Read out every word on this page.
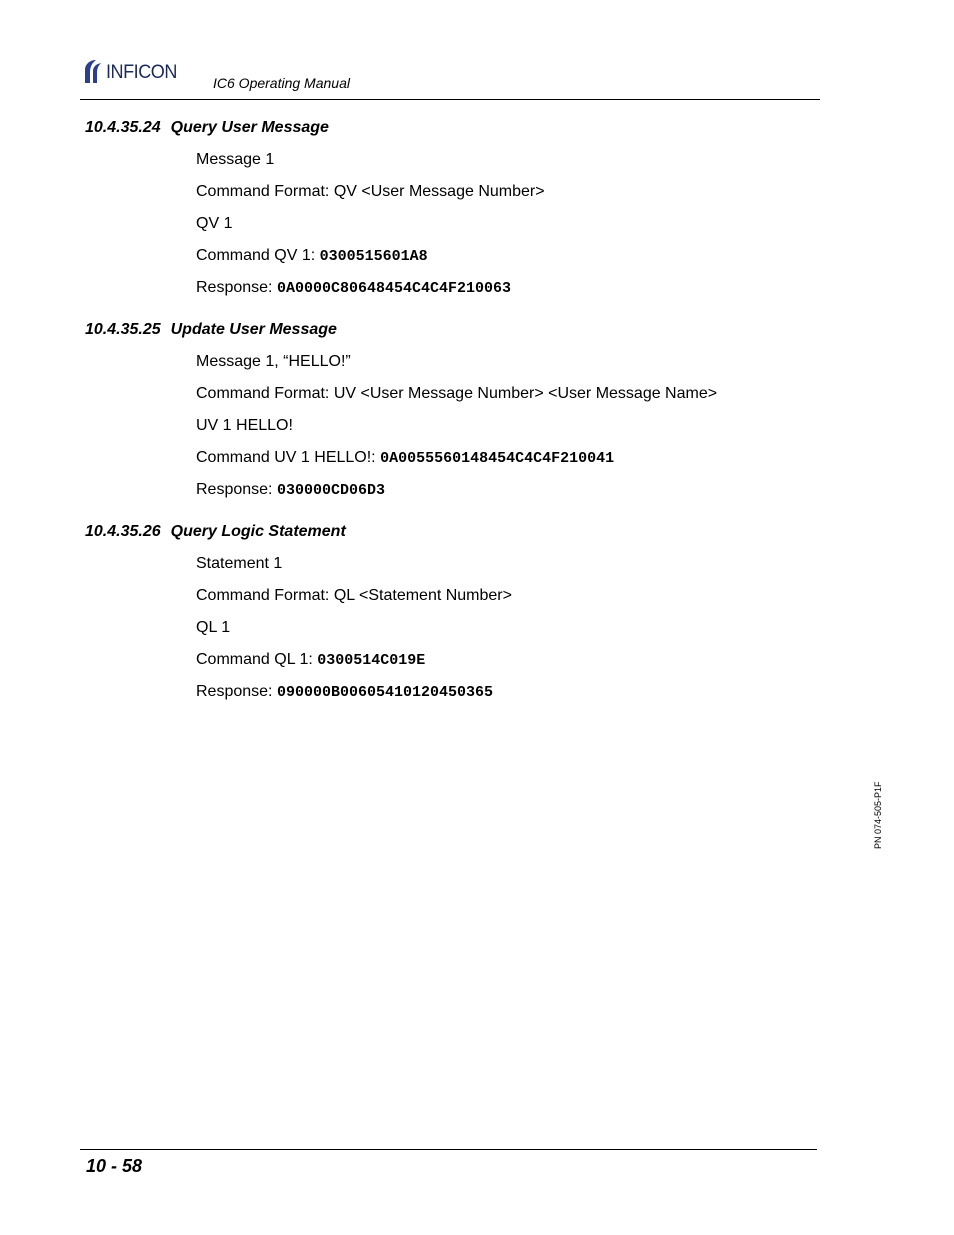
INFICON	IC6 Operating Manual
10.4.35.24 Query User Message
Message 1
Command Format: QV <User Message Number>
QV 1
Command QV 1: 0300515601A8
Response: 0A0000C80648454C4C4F210063
10.4.35.25 Update User Message
Message 1, “HELLO!”
Command Format: UV <User Message Number> <User Message Name>
UV 1 HELLO!
Command UV 1 HELLO!: 0A0055560148454C4C4F210041
Response: 030000CD06D3
10.4.35.26 Query Logic Statement
Statement 1
Command Format: QL <Statement Number>
QL 1
Command QL 1: 0300514C019E
Response: 090000B00605410120450365
PN 074-505-P1F
10 - 58
